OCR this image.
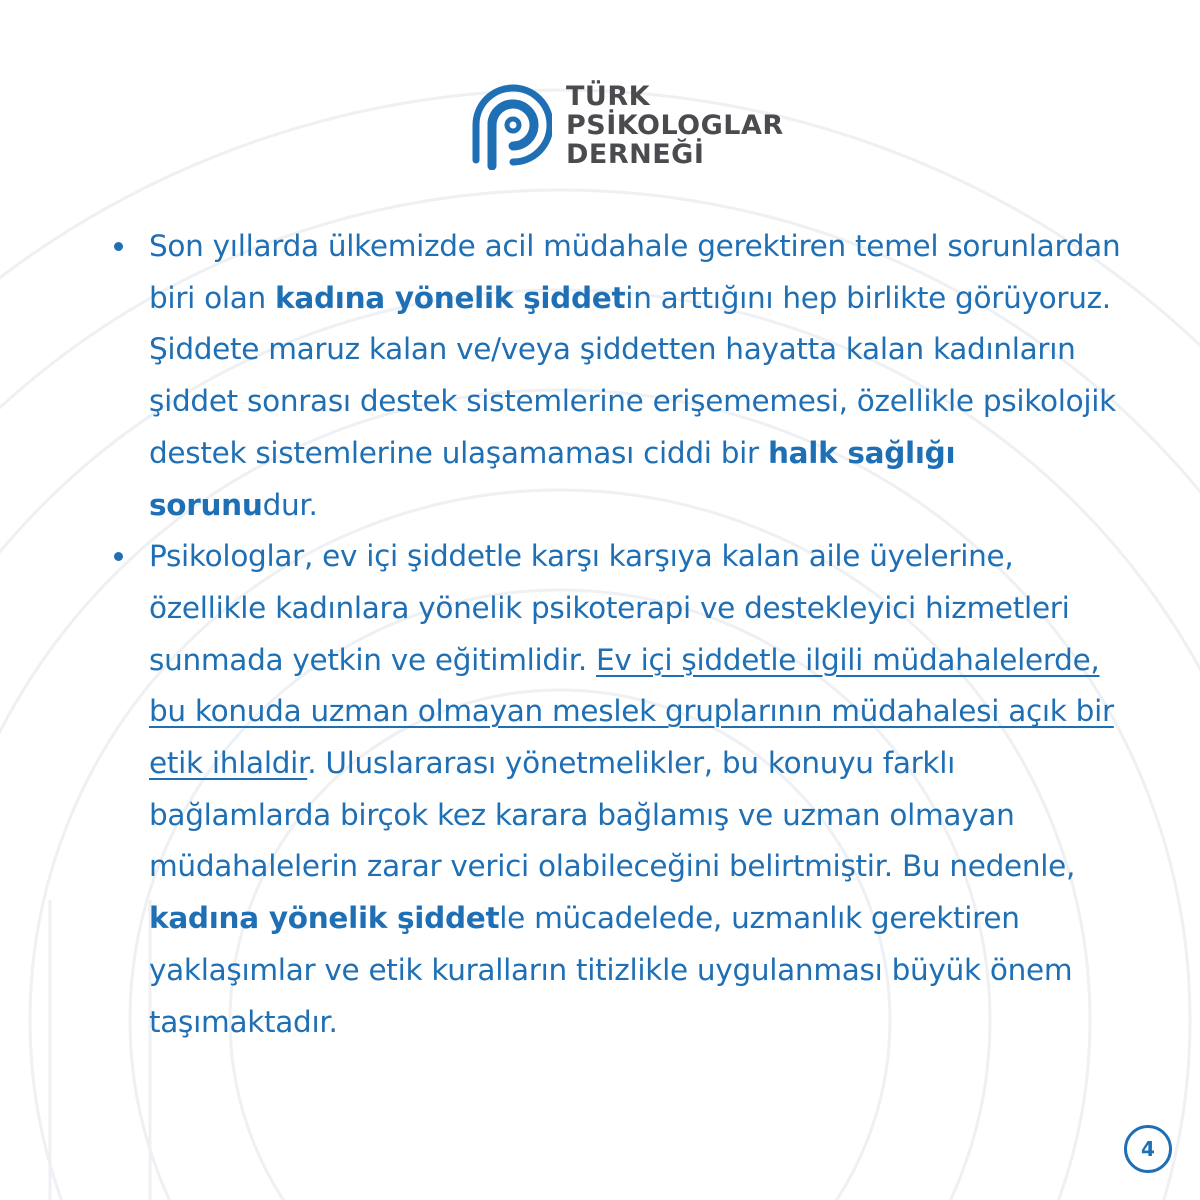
TÜRK
PSİKOLOGLAR
DERNEĞİ
Son yıllarda ülkemizde acil müdahale gerektiren temel sorunlardan biri olan kadına yönelik şiddetin arttığını hep birlikte görüyoruz. Şiddete maruz kalan ve/veya şiddetten hayatta kalan kadınların şiddet sonrası destek sistemlerine erişememesi, özellikle psikolojik destek sistemlerine ulaşamaması ciddi bir halk sağlığı sorunudur.
Psikologlar, ev içi şiddetle karşı karşıya kalan aile üyelerine, özellikle kadınlara yönelik psikoterapi ve destekleyici hizmetleri sunmada yetkin ve eğitimlidir. Ev içi şiddetle ilgili müdahalelerde, bu konuda uzman olmayan meslek gruplarının müdahalesi açık bir etik ihlaldir. Uluslararası yönetmelikler, bu konuyu farklı bağlamlarda birçok kez karara bağlamış ve uzman olmayan müdahalelerin zarar verici olabileceğini belirtmiştir. Bu nedenle, kadına yönelik şiddetle mücadelede, uzmanlık gerektiren yaklaşımlar ve etik kuralların titizlikle uygulanması büyük önem taşımaktadır.
4
